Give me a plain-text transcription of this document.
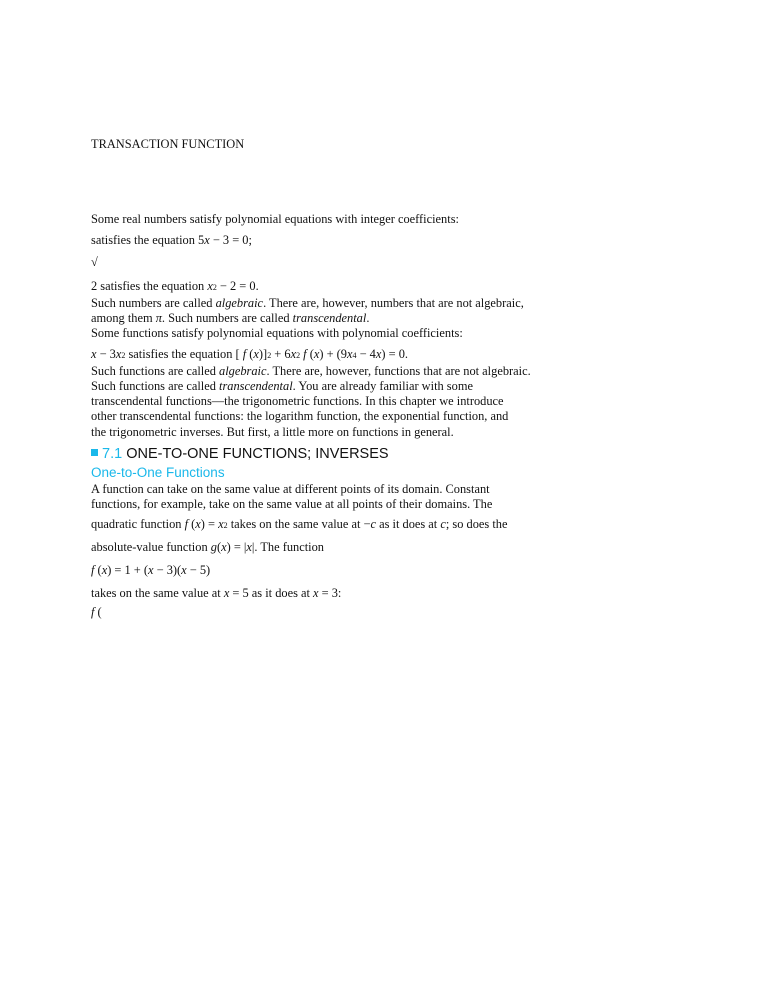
TRANSACTION FUNCTION
Some real numbers satisfy polynomial equations with integer coefficients:
satisfies the equation 5x − 3 = 0;
√
2 satisfies the equation x2 − 2 = 0.
Such numbers are called algebraic. There are, however, numbers that are not algebraic,
among them π. Such numbers are called transcendental.
Some functions satisfy polynomial equations with polynomial coefficients:
x − 3x2 satisfies the equation [ f (x)]2 + 6x2 f (x) + (9x4 − 4x) = 0.
Such functions are called algebraic. There are, however, functions that are not algebraic.
Such functions are called transcendental. You are already familiar with some
transcendental functions—the trigonometric functions. In this chapter we introduce
other transcendental functions: the logarithm function, the exponential function, and
the trigonometric inverses. But first, a little more on functions in general.
7.1 ONE-TO-ONE FUNCTIONS; INVERSES
One-to-One Functions
A function can take on the same value at different points of its domain. Constant
functions, for example, take on the same value at all points of their domains. The
quadratic function f (x) = x2 takes on the same value at −c as it does at c; so does the
absolute-value function g(x) = |x|. The function
f (x) = 1 + (x − 3)(x − 5)
takes on the same value at x = 5 as it does at x = 3:
f (
